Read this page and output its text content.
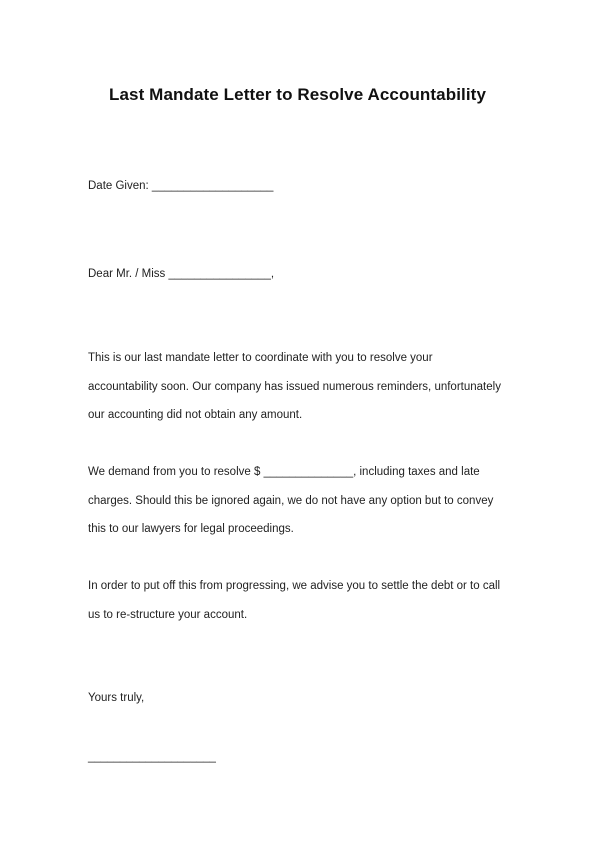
Last Mandate Letter to Resolve Accountability
Date Given: ___________________
Dear Mr. / Miss ________________,
This is our last mandate letter to coordinate with you to resolve your
accountability soon. Our company has issued numerous reminders, unfortunately
our accounting did not obtain any amount.
We demand from you to resolve $ ______________, including taxes and late
charges. Should this be ignored again, we do not have any option but to convey
this to our lawyers for legal proceedings.
In order to put off this from progressing, we advise you to settle the debt or to call
us to re-structure your account.
Yours truly,
____________________
